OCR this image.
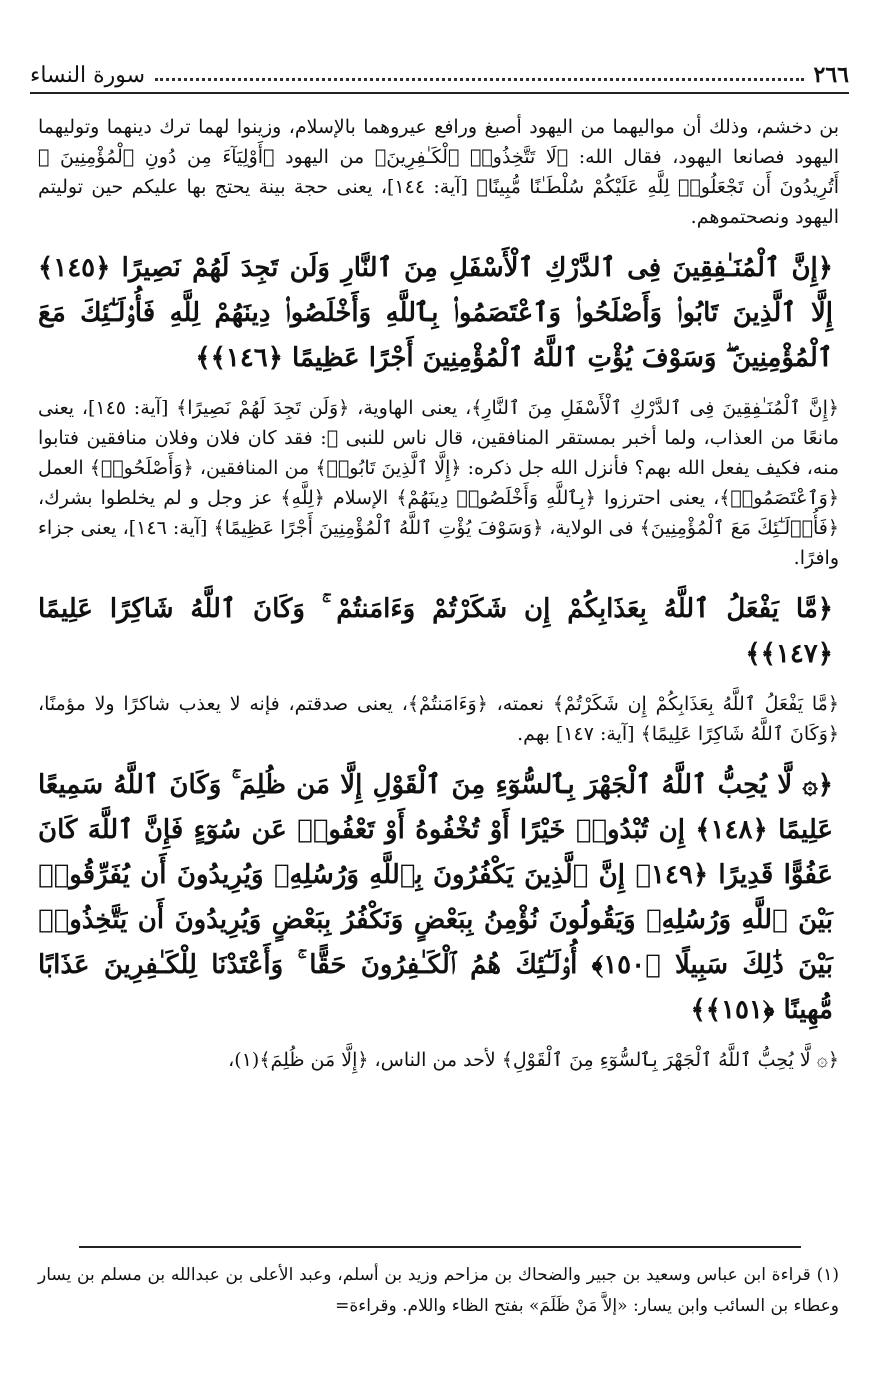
٢٦٦
سورة النساء

بن دخشم، وذلك أن مواليهما من اليهود أصبغ ورافع عيروهما بالإسلام، وزينوا لهما ترك دينهما وتوليهما اليهود فصانعا اليهود، فقال الله: ﴿لَا تَتَّخِذُوا۟ ٱلْكَـٰفِرِينَ﴾ من اليهود ﴿أَوْلِيَآءَ مِن دُونِ ٱلْمُؤْمِنِينَ ۚ أَتُرِيدُونَ أَن تَجْعَلُوا۟ لِلَّهِ عَلَيْكُمْ سُلْطَـٰنًا مُّبِينًا﴾ [آية: ١٤٤]، يعنى حجة بينة يحتج بها عليكم حين توليتم اليهود ونصحتموهم.

﴿إِنَّ ٱلْمُنَـٰفِقِينَ فِى ٱلدَّرْكِ ٱلْأَسْفَلِ مِنَ ٱلنَّارِ وَلَن تَجِدَ لَهُمْ نَصِيرًا ﴿١٤٥﴾ إِلَّا ٱلَّذِينَ تَابُوا۟ وَأَصْلَحُوا۟ وَٱعْتَصَمُوا۟ بِٱللَّهِ وَأَخْلَصُوا۟ دِينَهُمْ لِلَّهِ فَأُو۟لَـٰٓئِكَ مَعَ ٱلْمُؤْمِنِينَ ۖ وَسَوْفَ يُؤْتِ ٱللَّهُ ٱلْمُؤْمِنِينَ أَجْرًا عَظِيمًا ﴿١٤٦﴾﴾

﴿إِنَّ ٱلْمُنَـٰفِقِينَ فِى ٱلدَّرْكِ ٱلْأَسْفَلِ مِنَ ٱلنَّارِ﴾، يعنى الهاوية، ﴿وَلَن تَجِدَ لَهُمْ نَصِيرًا﴾ [آية: ١٤٥]، يعنى مانعًا من العذاب، ولما أخبر بمستقر المنافقين، قال ناس للنبى ﷺ: فقد كان فلان وفلان منافقين فتابوا منه، فكيف يفعل الله بهم؟ فأنزل الله جل ذكره: ﴿إِلَّا ٱلَّذِينَ تَابُوا۟﴾ من المنافقين، ﴿وَأَصْلَحُوا۟﴾ العمل ﴿وَٱعْتَصَمُوا۟﴾، يعنى احترزوا ﴿بِٱللَّهِ وَأَخْلَصُوا۟ دِينَهُمْ﴾ الإسلام ﴿لِلَّهِ﴾ عز وجل و لم يخلطوا بشرك، ﴿فَأُو۟لَـٰٓئِكَ مَعَ ٱلْمُؤْمِنِينَ﴾ فى الولاية، ﴿وَسَوْفَ يُؤْتِ ٱللَّهُ ٱلْمُؤْمِنِينَ أَجْرًا عَظِيمًا﴾ [آية: ١٤٦]، يعنى جزاء وافرًا.

﴿مَّا يَفْعَلُ ٱللَّهُ بِعَذَابِكُمْ إِن شَكَرْتُمْ وَءَامَنتُمْ ۚ وَكَانَ ٱللَّهُ شَاكِرًا عَلِيمًا ﴿١٤٧﴾﴾

﴿مَّا يَفْعَلُ ٱللَّهُ بِعَذَابِكُمْ إِن شَكَرْتُمْ﴾ نعمته، ﴿وَءَامَنتُمْ﴾، يعنى صدقتم، فإنه لا يعذب شاكرًا ولا مؤمنًا، ﴿وَكَانَ ٱللَّهُ شَاكِرًا عَلِيمًا﴾ [آية: ١٤٧] بهم.

﴿۞ لَّا يُحِبُّ ٱللَّهُ ٱلْجَهْرَ بِٱلسُّوٓءِ مِنَ ٱلْقَوْلِ إِلَّا مَن ظُلِمَ ۚ وَكَانَ ٱللَّهُ سَمِيعًا عَلِيمًا ﴿١٤٨﴾ إِن تُبْدُوا۟ خَيْرًا أَوْ تُخْفُوهُ أَوْ تَعْفُوا۟ عَن سُوٓءٍ فَإِنَّ ٱللَّهَ كَانَ عَفُوًّا قَدِيرًا ﴿١٤٩﴾ إِنَّ ٱلَّذِينَ يَكْفُرُونَ بِٱللَّهِ وَرُسُلِهِۦ وَيُرِيدُونَ أَن يُفَرِّقُوا۟ بَيْنَ ٱللَّهِ وَرُسُلِهِۦ وَيَقُولُونَ نُؤْمِنُ بِبَعْضٍ وَنَكْفُرُ بِبَعْضٍ وَيُرِيدُونَ أَن يَتَّخِذُوا۟ بَيْنَ ذَٰلِكَ سَبِيلًا ﴿١٥٠﴾ أُو۟لَـٰٓئِكَ هُمُ ٱلْكَـٰفِرُونَ حَقًّا ۚ وَأَعْتَدْنَا لِلْكَـٰفِرِينَ عَذَابًا مُّهِينًا ﴿١٥١﴾﴾

﴿۞ لَّا يُحِبُّ ٱللَّهُ ٱلْجَهْرَ بِٱلسُّوٓءِ مِنَ ٱلْقَوْلِ﴾ لأحد من الناس، ﴿إِلَّا مَن ظُلِمَ﴾(١)،

(١) قراءة ابن عباس وسعيد بن جبير والضحاك بن مزاحم وزيد بن أسلم، وعبد الأعلى بن عبدالله بن مسلم بن يسار وعطاء بن السائب وابن يسار: «إلاَّ مَنْ ظَلَمَ» بفتح الظاء واللام. وقراءة=
